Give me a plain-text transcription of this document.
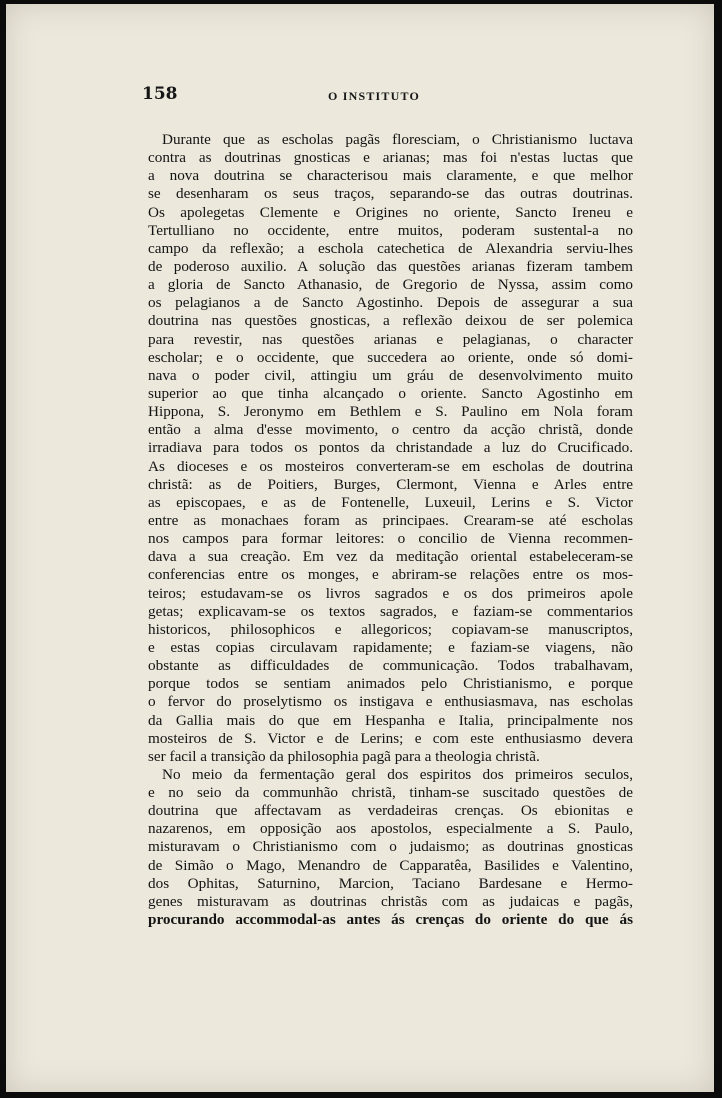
158	O INSTITUTO
Durante que as escholas pagãs floresciam, o Christianismo luctava
contra as doutrinas gnosticas e arianas; mas foi n'estas luctas que
a nova doutrina se characterisou mais claramente, e que melhor
se desenharam os seus traços, separando-se das outras doutrinas.
Os apolegetas Clemente e Origines no oriente, Sancto Ireneu e
Tertulliano no occidente, entre muitos, poderam sustental-a no
campo da reflexão; a eschola catechetica de Alexandria serviu-lhes
de poderoso auxilio. A solução das questões arianas fizeram tambem
a gloria de Sancto Athanasio, de Gregorio de Nyssa, assim como
os pelagianos a de Sancto Agostinho. Depois de assegurar a sua
doutrina nas questões gnosticas, a reflexão deixou de ser polemica
para revestir, nas questões arianas e pelagianas, o character
escholar; e o occidente, que succedera ao oriente, onde só domi-
nava o poder civil, attingiu um gráu de desenvolvimento muito
superior ao que tinha alcançado o oriente. Sancto Agostinho em
Hippona, S. Jeronymo em Bethlem e S. Paulino em Nola foram
então a alma d'esse movimento, o centro da acção christã, donde
irradiava para todos os pontos da christandade a luz do Crucificado.
As dioceses e os mosteiros converteram-se em escholas de doutrina
christã: as de Poitiers, Burges, Clermont, Vienna e Arles entre
as episcopaes, e as de Fontenelle, Luxeuil, Lerins e S. Victor
entre as monachaes foram as principaes. Crearam-se até escholas
nos campos para formar leitores: o concilio de Vienna recommen-
dava a sua creação. Em vez da meditação oriental estabeleceram-se
conferencias entre os monges, e abriram-se relações entre os mos-
teiros; estudavam-se os livros sagrados e os dos primeiros apole
getas; explicavam-se os textos sagrados, e faziam-se commentarios
historicos, philosophicos e allegoricos; copiavam-se manuscriptos,
e estas copias circulavam rapidamente; e faziam-se viagens, não
obstante as difficuldades de communicação. Todos trabalhavam,
porque todos se sentiam animados pelo Christianismo, e porque
o fervor do proselytismo os instigava e enthusiasmava, nas escholas
da Gallia mais do que em Hespanha e Italia, principalmente nos
mosteiros de S. Victor e de Lerins; e com este enthusiasmo devera
ser facil a transição da philosophia pagã para a theologia christã.
No meio da fermentação geral dos espiritos dos primeiros seculos,
e no seio da communhão christã, tinham-se suscitado questões de
doutrina que affectavam as verdadeiras crenças. Os ebionitas e
nazarenos, em opposição aos apostolos, especialmente a S. Paulo,
misturavam o Christianismo com o judaismo; as doutrinas gnosticas
de Simão o Mago, Menandro de Capparatêa, Basilides e Valentino,
dos Ophitas, Saturnino, Marcion, Taciano Bardesane e Hermo-
genes misturavam as doutrinas christãs com as judaicas e pagãs,
procurando accommodal-as antes ás crenças do oriente do que ás
